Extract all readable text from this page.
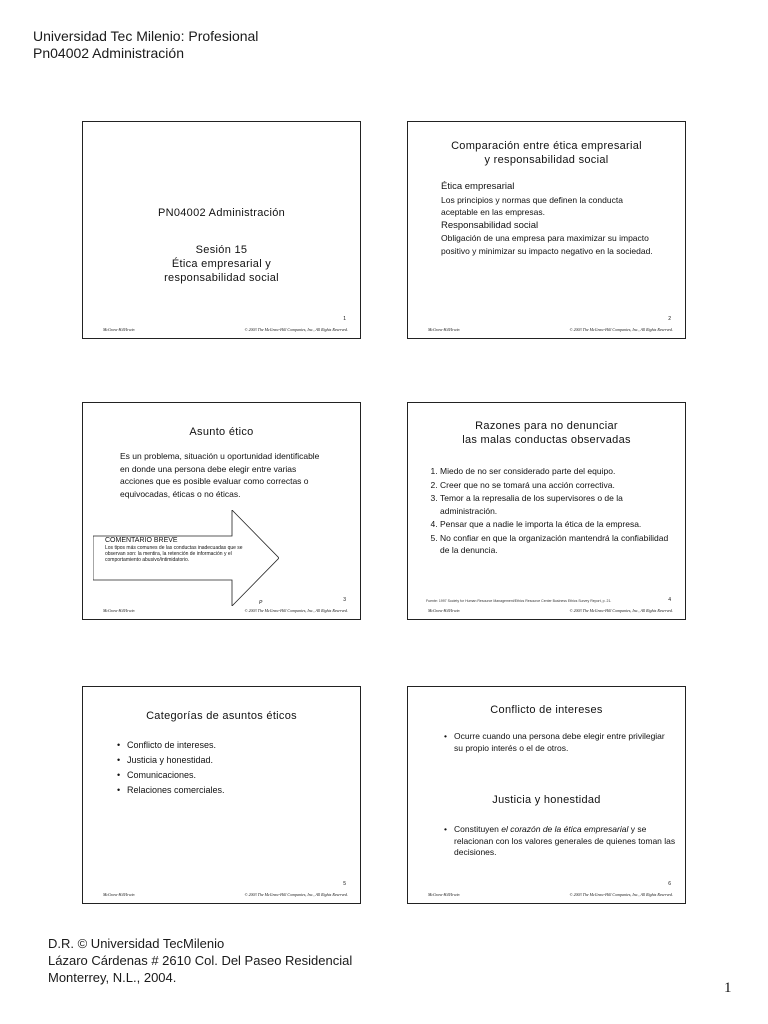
Universidad Tec Milenio: Profesional
Pn04002 Administración
PN04002 Administración
Sesión 15
Ética empresarial y
responsabilidad social
1
McGraw-Hill/Irwin	© 2003 The McGraw-Hill Companies, Inc., All Rights Reserved.
Comparación entre ética empresarial
y responsabilidad social
Ética empresarial
Los principios y normas que definen la conducta aceptable en las empresas.
Responsabilidad social
Obligación de una empresa para maximizar su impacto positivo y minimizar su impacto negativo en la sociedad.
2
McGraw-Hill/Irwin	© 2003 The McGraw-Hill Companies, Inc., All Rights Reserved.
Asunto ético
Es un problema, situación u oportunidad identificable en donde una persona debe elegir entre varias acciones que es posible evaluar como correctas o equivocadas, éticas o no éticas.
COMENTARIO BREVE
Los tipos más comunes de las conductas inadecuadas que se observan son: la mentira, la retención de información y el comportamiento abusivo/intimidatorio.
P	3
McGraw-Hill/Irwin	© 2003 The McGraw-Hill Companies, Inc., All Rights Reserved.
Razones para no denunciar
las malas conductas observadas
1. Miedo de no ser considerado parte del equipo.
2. Creer que no se tomará una acción correctiva.
3. Temor a la represalia de los supervisores o de la administración.
4. Pensar que a nadie le importa la ética de la empresa.
5. No confiar en que la organización mantendrá la confiabilidad de la denuncia.
Fuente: 1997 Society for Human Resource Management/Ethics Resource Center Business Ethics Survey Report, p. 21.	4
McGraw-Hill/Irwin	© 2003 The McGraw-Hill Companies, Inc., All Rights Reserved.
Categorías de asuntos éticos
• Conflicto de intereses.
• Justicia y honestidad.
• Comunicaciones.
• Relaciones comerciales.
5
McGraw-Hill/Irwin	© 2003 The McGraw-Hill Companies, Inc., All Rights Reserved.
Conflicto de intereses
• Ocurre cuando una persona debe elegir entre privilegiar su propio interés o el de otros.
Justicia y honestidad
• Constituyen el corazón de la ética empresarial y se relacionan con los valores generales de quienes toman las decisiones.
6
McGraw-Hill/Irwin	© 2003 The McGraw-Hill Companies, Inc., All Rights Reserved.
D.R. © Universidad TecMilenio
Lázaro Cárdenas # 2610 Col. Del Paseo Residencial
Monterrey, N.L., 2004.
1
